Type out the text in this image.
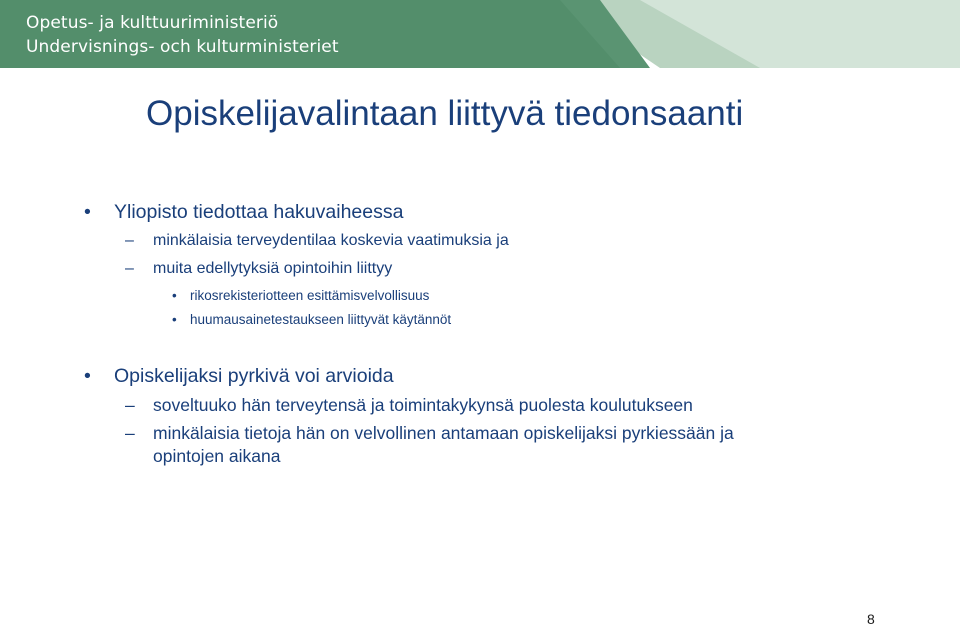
Opetus- ja kulttuuriministeriö
Undervisnings- och kulturministeriet
Opiskelijavalintaan liittyvä tiedonsaanti
• Yliopisto tiedottaa hakuvaiheessa
– minkälaisia terveydentilaa koskevia vaatimuksia ja
– muita edellytyksiä opintoihin liittyy
• rikosrekisteriotteen esittämisvelvollisuus
• huumausainetestaukseen liittyvät käytännöt
• Opiskelijaksi pyrkivä voi arvioida
– soveltuuko hän terveytensä ja toimintakykynsä puolesta koulutukseen
– minkälaisia tietoja hän on velvollinen antamaan opiskelijaksi pyrkiessään ja
opintojen aikana
8
